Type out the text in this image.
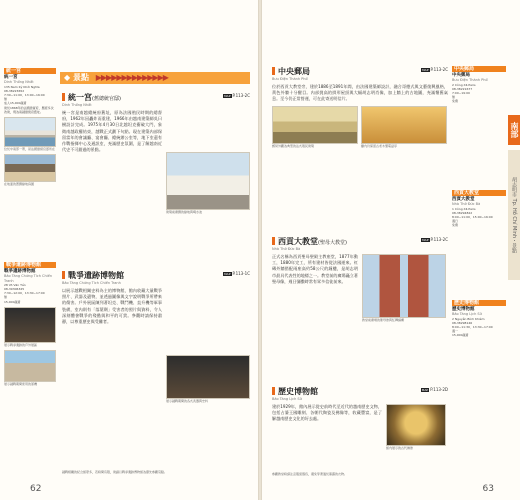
◆ 景點 ▶▶▶▶▶▶▶▶▶▶▶▶▶▶
統一宮
統一宮
Dinh Thống Nhất
135 Nam Kỳ Khởi Nghĩa
08-38223652
7:30~11:00、13:00~16:00
無
成人15,000越盾
建於1868年的法國總督府，歷經多次改建，現為南越總統府舊址。
位於中南部一帶，是法國總督官邸所在
在地面的寬闊綠地庭園
戰爭遺跡博物館
戰爭遺跡博物館
Bảo Tàng Chứng Tích Chiến Tranh
28 Võ Văn Tần
08-39306325
7:30~12:00、13:30~17:00
無
15,000越盾
展示戰爭遺跡的戶外展區
展示越戰期間使用的軍機
統一宮(舊總統官邸)
Dinh Thống Nhất
MAP P.113-2C
統一宮是南越總統府舊址，原為法國殖民時期的總督府，1962年因轟炸而重建，1966年由越南建築師吳曰樹設計完成。1975年4月30日北越坦克衝破大門，象徵南越政權結束，越戰正式劃下句點。現在建築內部保留當年的會議廳、宴會廳、總統辦公室等，地下室還有作戰指揮中心及通訊室，充滿歷史氛圍，是了解越南近代史不可錯過的景點。
建築前廣闊的綠地與噴水池
戰爭遺跡博物館
Bảo Tàng Chứng Tích Chiến Tranh
MAP P.113-1C
以展示越戰相關史料為主的博物館，館內收藏大量戰爭照片、武器及遺物，並透過圖像與文字說明戰爭所帶來的傷害。戶外展區陳列著坦克、戰鬥機、直升機等軍事裝備，室內則有「落葉劑」受害者的照片與資料，令人深刻體會戰爭的殘酷與和平的可貴。參觀時請保持肅靜，以尊重歷史與受難者。
展示越戰期間的各式武器與史料
越戰相關的紀念館眾多，若時間有限，建議以戰爭遺跡博物館為優先參觀景點。
62
南部
胡志明市 Tp. Hồ Chí Minh・景點
中央郵局
中央郵局
Bưu Điện Thành Phố
2 Công Xã Paris
08-38221677
7:00~19:00
無
免費
西貢大教堂
西貢大教堂
Nhà Thờ Đức Bà
1 Công Xã Paris
08-38294822
8:00~11:00、15:00~16:00
週日
免費
歷史博物館
歷史博物館
Bảo Tàng Lịch Sử
2 Nguyễn Bỉnh Khiêm
08-38298146
8:00~11:30、13:30~17:00
週一
15,000越盾
中央郵局
Bưu Điện Thành Phố
MAP P.113-2C
位於西貢大教堂旁，建於1886至1891年間，由法國建築師設計，融合哥德式與文藝復興風格，黃色外牆十分醒目。內部挑高的拱形屋頂與大幅胡志明肖像，加上牆上的古地圖，充滿懷舊氣息。至今仍正常營運，可在此寄送明信片。
郵局外觀為典型的法式殖民建築	廳內仍保留古老木製電話亭
西貢大教堂(聖母大教堂)
Nhà Thờ Đức Bà
MAP P.113-2C
正式名稱為西貢聖母聖殿主教座堂，1877年動工，1880年完工，所有建材皆從法國運來。紅磚外牆搭配兩座高約58公尺的鐘樓，是胡志明市最具代表性的地標之一。教堂前的廣場矗立著聖母像，週日彌撒時常有眾多信徒前來。
教堂前廣場的聖母像與紅磚鐘樓
歷史博物館
Bảo Tàng Lịch Sử
MAP P.113-2D
建於1929年，館內展示從史前時代至近代的越南歷史文物，包括占婆王國雕刻、各朝代陶瓷及佛像等，收藏豐富，是了解越南歷史文化的好去處。
館內展示的古代佛像
參觀教堂時請注意服裝儀容，避免穿著過於暴露的衣物。
63
